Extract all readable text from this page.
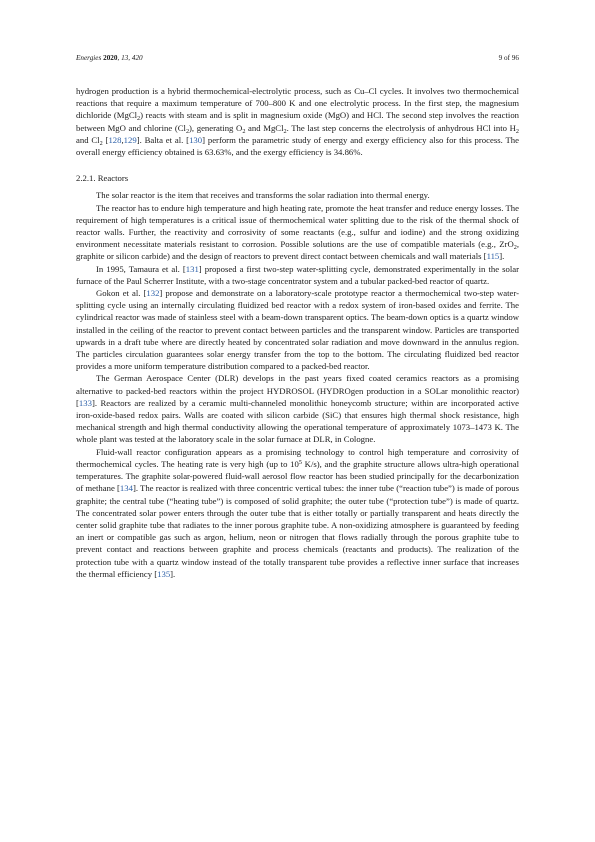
Energies 2020, 13, 420	9 of 96

hydrogen production is a hybrid thermochemical-electrolytic process, such as Cu–Cl cycles. It involves two thermochemical reactions that require a maximum temperature of 700–800 K and one electrolytic process. In the first step, the magnesium dichloride (MgCl$_2$) reacts with steam and is split in magnesium oxide (MgO) and HCl. The second step involves the reaction between MgO and chlorine $(Cl_2)$, generating $O_2$ and MgCl$_2$. The last step concerns the electrolysis of anhydrous HCl into $H_2$ and $Cl_2$ [128,129]. Balta et al. [130] perform the parametric study of energy and exergy efficiency also for this process. The overall energy efficiency obtained is 63.63%, and the exergy efficiency is 34.86%.

2.2.1. Reactors

The solar reactor is the item that receives and transforms the solar radiation into thermal energy.

The reactor has to endure high temperature and high heating rate, promote the heat transfer and reduce energy losses. The requirement of high temperatures is a critical issue of thermochemical water splitting due to the risk of the thermal shock of reactor walls. Further, the reactivity and corrosivity of some reactants (e.g., sulfur and iodine) and the strong oxidizing environment necessitate materials resistant to corrosion. Possible solutions are the use of compatible materials (e.g., ZrO$_2$, graphite or silicon carbide) and the design of reactors to prevent direct contact between chemicals and wall materials [115].

In 1995, Tamaura et al. [131] proposed a first two-step water-splitting cycle, demonstrated experimentally in the solar furnace of the Paul Scherrer Institute, with a two-stage concentrator system and a tubular packed-bed reactor of quartz.

Gokon et al. [132] propose and demonstrate on a laboratory-scale prototype reactor a thermochemical two-step water-splitting cycle using an internally circulating fluidized bed reactor with a redox system of iron-based oxides and ferrite. The cylindrical reactor was made of stainless steel with a beam-down transparent optics. The beam-down optics is a quartz window installed in the ceiling of the reactor to prevent contact between particles and the transparent window. Particles are transported upwards in a draft tube where are directly heated by concentrated solar radiation and move downward in the annulus region. The particles circulation guarantees solar energy transfer from the top to the bottom. The circulating fluidized bed reactor provides a more uniform temperature distribution compared to a packed-bed reactor.

The German Aerospace Center (DLR) develops in the past years fixed coated ceramics reactors as a promising alternative to packed-bed reactors within the project HYDROSOL (HYDROgen production in a SOLar monolithic reactor) [133]. Reactors are realized by a ceramic multi-channeled monolithic honeycomb structure; within are incorporated active iron-oxide-based redox pairs. Walls are coated with silicon carbide (SiC) that ensures high thermal shock resistance, high mechanical strength and high thermal conductivity allowing the operational temperature of approximately 1073–1473 K. The whole plant was tested at the laboratory scale in the solar furnace at DLR, in Cologne.

Fluid-wall reactor configuration appears as a promising technology to control high temperature and corrosivity of thermochemical cycles. The heating rate is very high (up to $10^5$ K/s), and the graphite structure allows ultra-high operational temperatures. The graphite solar-powered fluid-wall aerosol flow reactor has been studied principally for the decarbonization of methane [134]. The reactor is realized with three concentric vertical tubes: the inner tube (“reaction tube”) is made of porous graphite; the central tube (“heating tube”) is composed of solid graphite; the outer tube (“protection tube”) is made of quartz. The concentrated solar power enters through the outer tube that is either totally or partially transparent and heats directly the center solid graphite tube that radiates to the inner porous graphite tube. A non-oxidizing atmosphere is guaranteed by feeding an inert or compatible gas such as argon, helium, neon or nitrogen that flows radially through the porous graphite tube to prevent contact and reactions between graphite and process chemicals (reactants and products). The realization of the protection tube with a quartz window instead of the totally transparent tube provides a reflective inner surface that increases the thermal efficiency [135].
